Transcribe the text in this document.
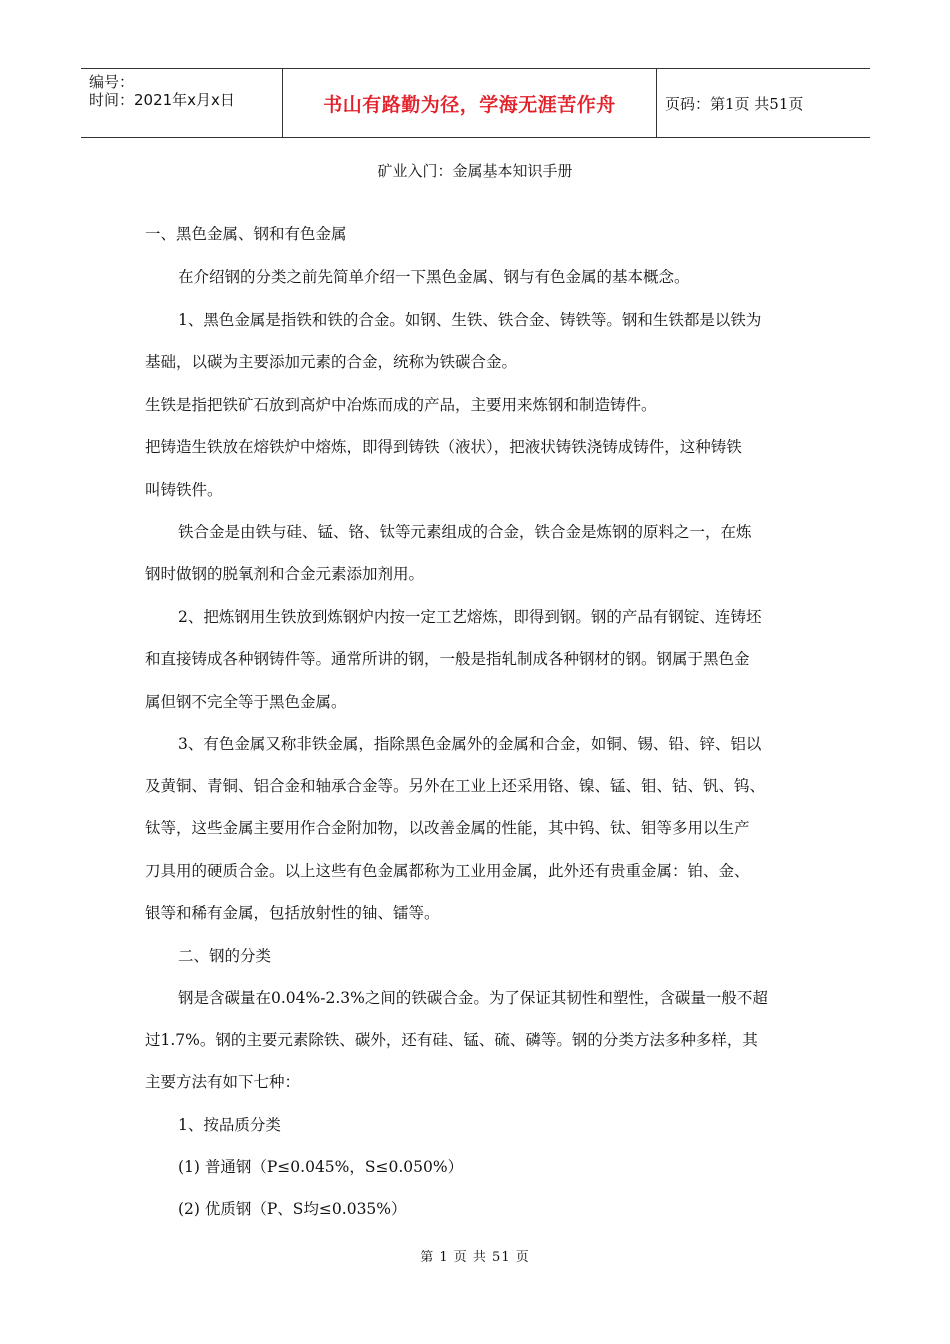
编号：
时间：2021年x月x日	书山有路勤为径，学海无涯苦作舟	页码：第1页 共51页
矿业入门：金属基本知识手册
一、黑色金属、钢和有色金属
在介绍钢的分类之前先简单介绍一下黑色金属、钢与有色金属的基本概念。
1、黑色金属是指铁和铁的合金。如钢、生铁、铁合金、铸铁等。钢和生铁都是以铁为
基础，以碳为主要添加元素的合金，统称为铁碳合金。
生铁是指把铁矿石放到高炉中冶炼而成的产品，主要用来炼钢和制造铸件。
把铸造生铁放在熔铁炉中熔炼，即得到铸铁（液状），把液状铸铁浇铸成铸件，这种铸铁
叫铸铁件。
铁合金是由铁与硅、锰、铬、钛等元素组成的合金，铁合金是炼钢的原料之一，在炼
钢时做钢的脱氧剂和合金元素添加剂用。
2、把炼钢用生铁放到炼钢炉内按一定工艺熔炼，即得到钢。钢的产品有钢锭、连铸坯
和直接铸成各种钢铸件等。通常所讲的钢，一般是指轧制成各种钢材的钢。钢属于黑色金
属但钢不完全等于黑色金属。
3、有色金属又称非铁金属，指除黑色金属外的金属和合金，如铜、锡、铅、锌、铝以
及黄铜、青铜、铝合金和轴承合金等。另外在工业上还采用铬、镍、锰、钼、钴、钒、钨、
钛等，这些金属主要用作合金附加物，以改善金属的性能，其中钨、钛、钼等多用以生产
刀具用的硬质合金。以上这些有色金属都称为工业用金属，此外还有贵重金属：铂、金、
银等和稀有金属，包括放射性的铀、镭等。
二、钢的分类
钢是含碳量在0.04%-2.3%之间的铁碳合金。为了保证其韧性和塑性，含碳量一般不超
过1.7%。钢的主要元素除铁、碳外，还有硅、锰、硫、磷等。钢的分类方法多种多样，其
主要方法有如下七种：
1、按品质分类
(1) 普通钢（P≤0.045%，S≤0.050%）
(2) 优质钢（P、S均≤0.035%）
第 1 页 共 51 页
